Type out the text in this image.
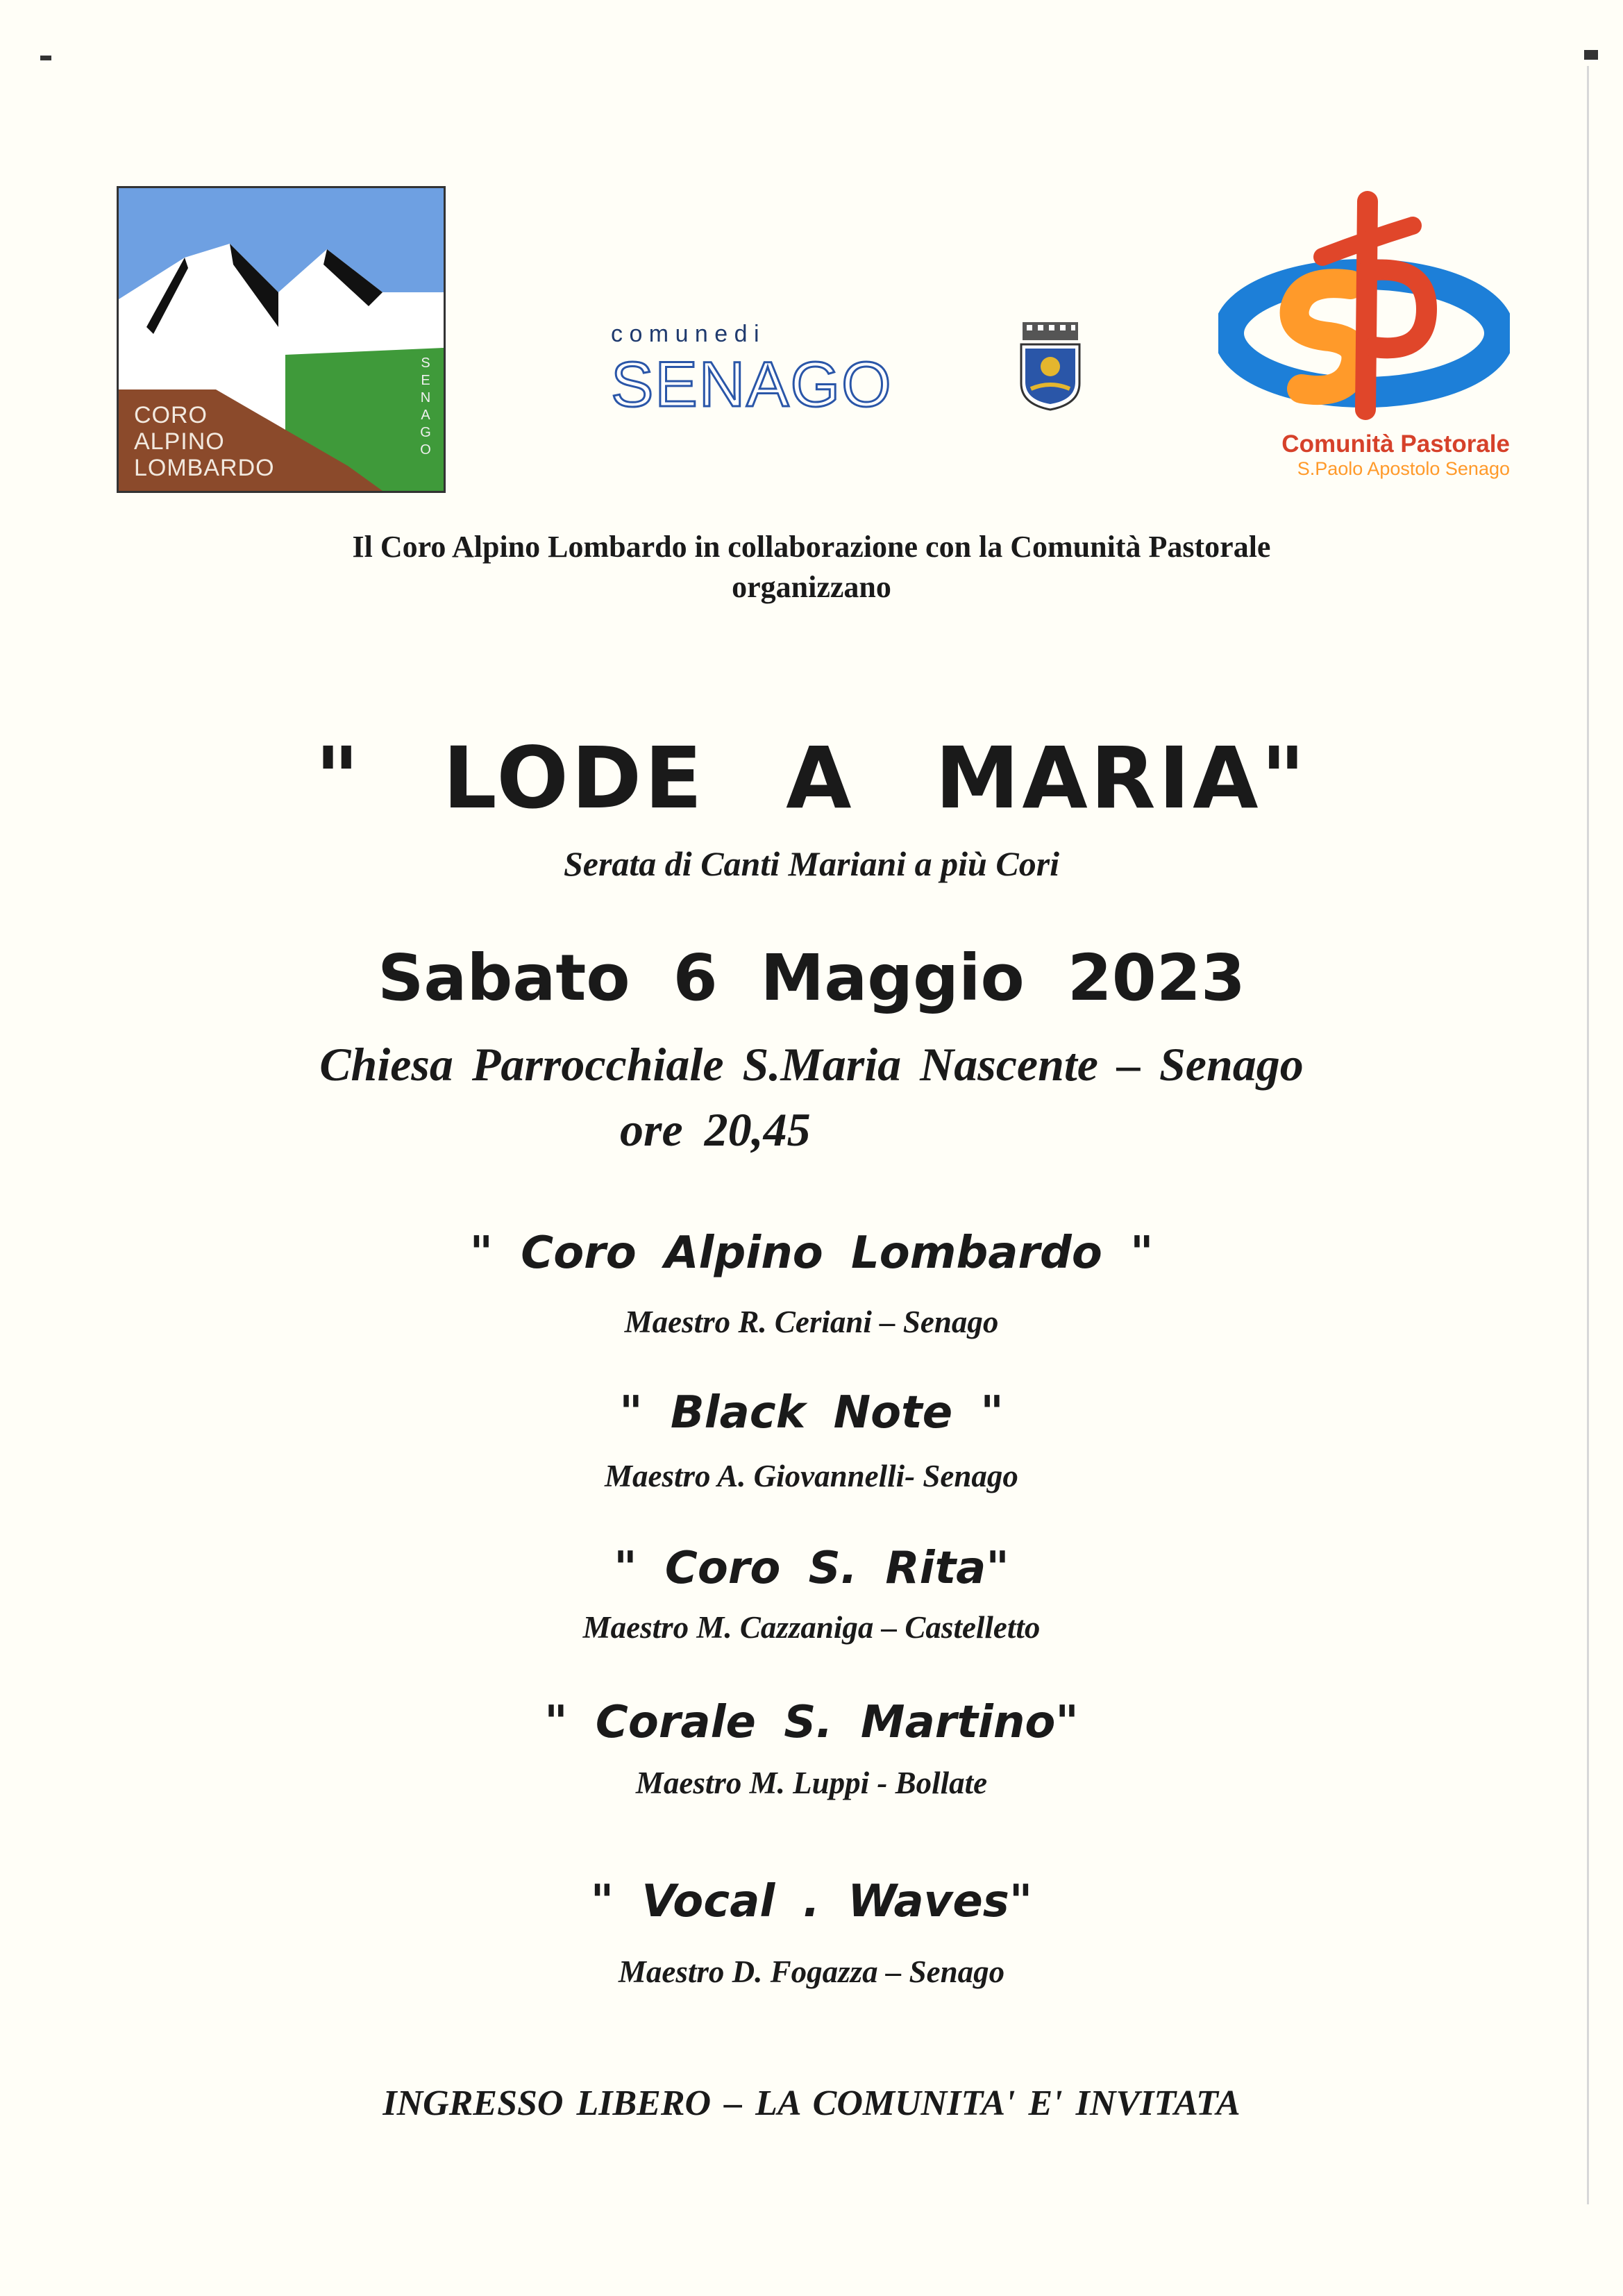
CORO
ALPINO
LOMBARDO
SENAGO
c o m u n e d i
SENAGO
Comunità Pastorale
S.Paolo Apostolo Senago
Il Coro Alpino Lombardo in collaborazione con la Comunità Pastorale
organizzano
" LODE A MARIA"
Serata di Canti Mariani a più Cori
Sabato 6 Maggio 2023
Chiesa Parrocchiale S.Maria Nascente – Senago
ore 20,45
" Coro Alpino Lombardo "
Maestro R. Ceriani – Senago
" Black Note "
Maestro A. Giovannelli- Senago
" Coro S. Rita"
Maestro M. Cazzaniga – Castelletto
" Corale S. Martino"
Maestro M. Luppi - Bollate
" Vocal . Waves"
Maestro D. Fogazza – Senago
INGRESSO LIBERO – LA COMUNITA' E' INVITATA
